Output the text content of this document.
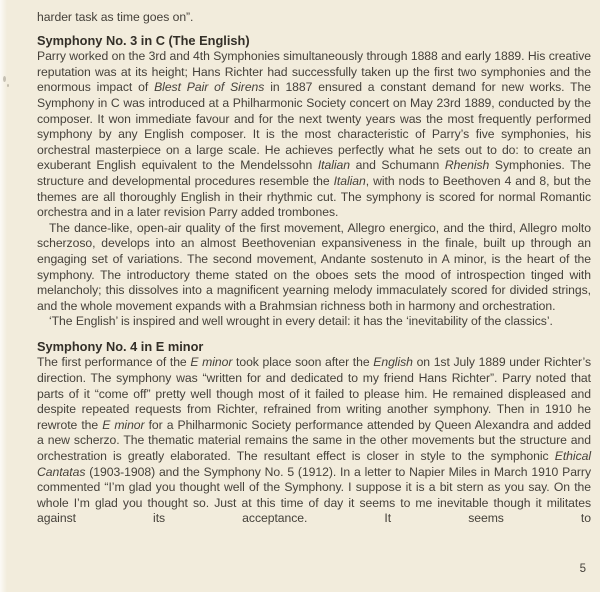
harder task as time goes on”.

Symphony No. 3 in C (The English)

Parry worked on the 3rd and 4th Symphonies simultaneously through 1888 and early 1889. His creative reputation was at its height; Hans Richter had successfully taken up the first two symphonies and the enormous impact of Blest Pair of Sirens in 1887 ensured a constant demand for new works. The Symphony in C was introduced at a Philharmonic Society concert on May 23rd 1889, conducted by the composer. It won immediate favour and for the next twenty years was the most frequently performed symphony by any English composer. It is the most characteristic of Parry’s five symphonies, his orchestral masterpiece on a large scale. He achieves perfectly what he sets out to do: to create an exuberant English equivalent to the Mendelssohn Italian and Schumann Rhenish Symphonies. The structure and developmental procedures resemble the Italian, with nods to Beethoven 4 and 8, but the themes are all thoroughly English in their rhythmic cut. The symphony is scored for normal Romantic orchestra and in a later revision Parry added trombones.

The dance-like, open-air quality of the first movement, Allegro energico, and the third, Allegro molto scherzoso, develops into an almost Beethovenian expansiveness in the finale, built up through an engaging set of variations. The second movement, Andante sostenuto in A minor, is the heart of the symphony. The introductory theme stated on the oboes sets the mood of introspection tinged with melancholy; this dissolves into a magnificent yearning melody immaculately scored for divided strings, and the whole movement expands with a Brahmsian richness both in harmony and orchestration.

‘The English’ is inspired and well wrought in every detail: it has the ‘inevitability of the classics’.

Symphony No. 4 in E minor

The first performance of the E minor took place soon after the English on 1st July 1889 under Richter’s direction. The symphony was “written for and dedicated to my friend Hans Richter”. Parry noted that parts of it “come off” pretty well though most of it failed to please him. He remained displeased and despite repeated requests from Richter, refrained from writing another symphony. Then in 1910 he rewrote the E minor for a Philharmonic Society performance attended by Queen Alexandra and added a new scherzo. The thematic material remains the same in the other movements but the structure and orchestration is greatly elaborated. The resultant effect is closer in style to the symphonic Ethical Cantatas (1903-1908) and the Symphony No. 5 (1912). In a letter to Napier Miles in March 1910 Parry commented “I’m glad you thought well of the Symphony. I suppose it is a bit stern as you say. On the whole I’m glad you thought so. Just at this time of day it seems to me inevitable though it militates against its acceptance. It seems to

5
